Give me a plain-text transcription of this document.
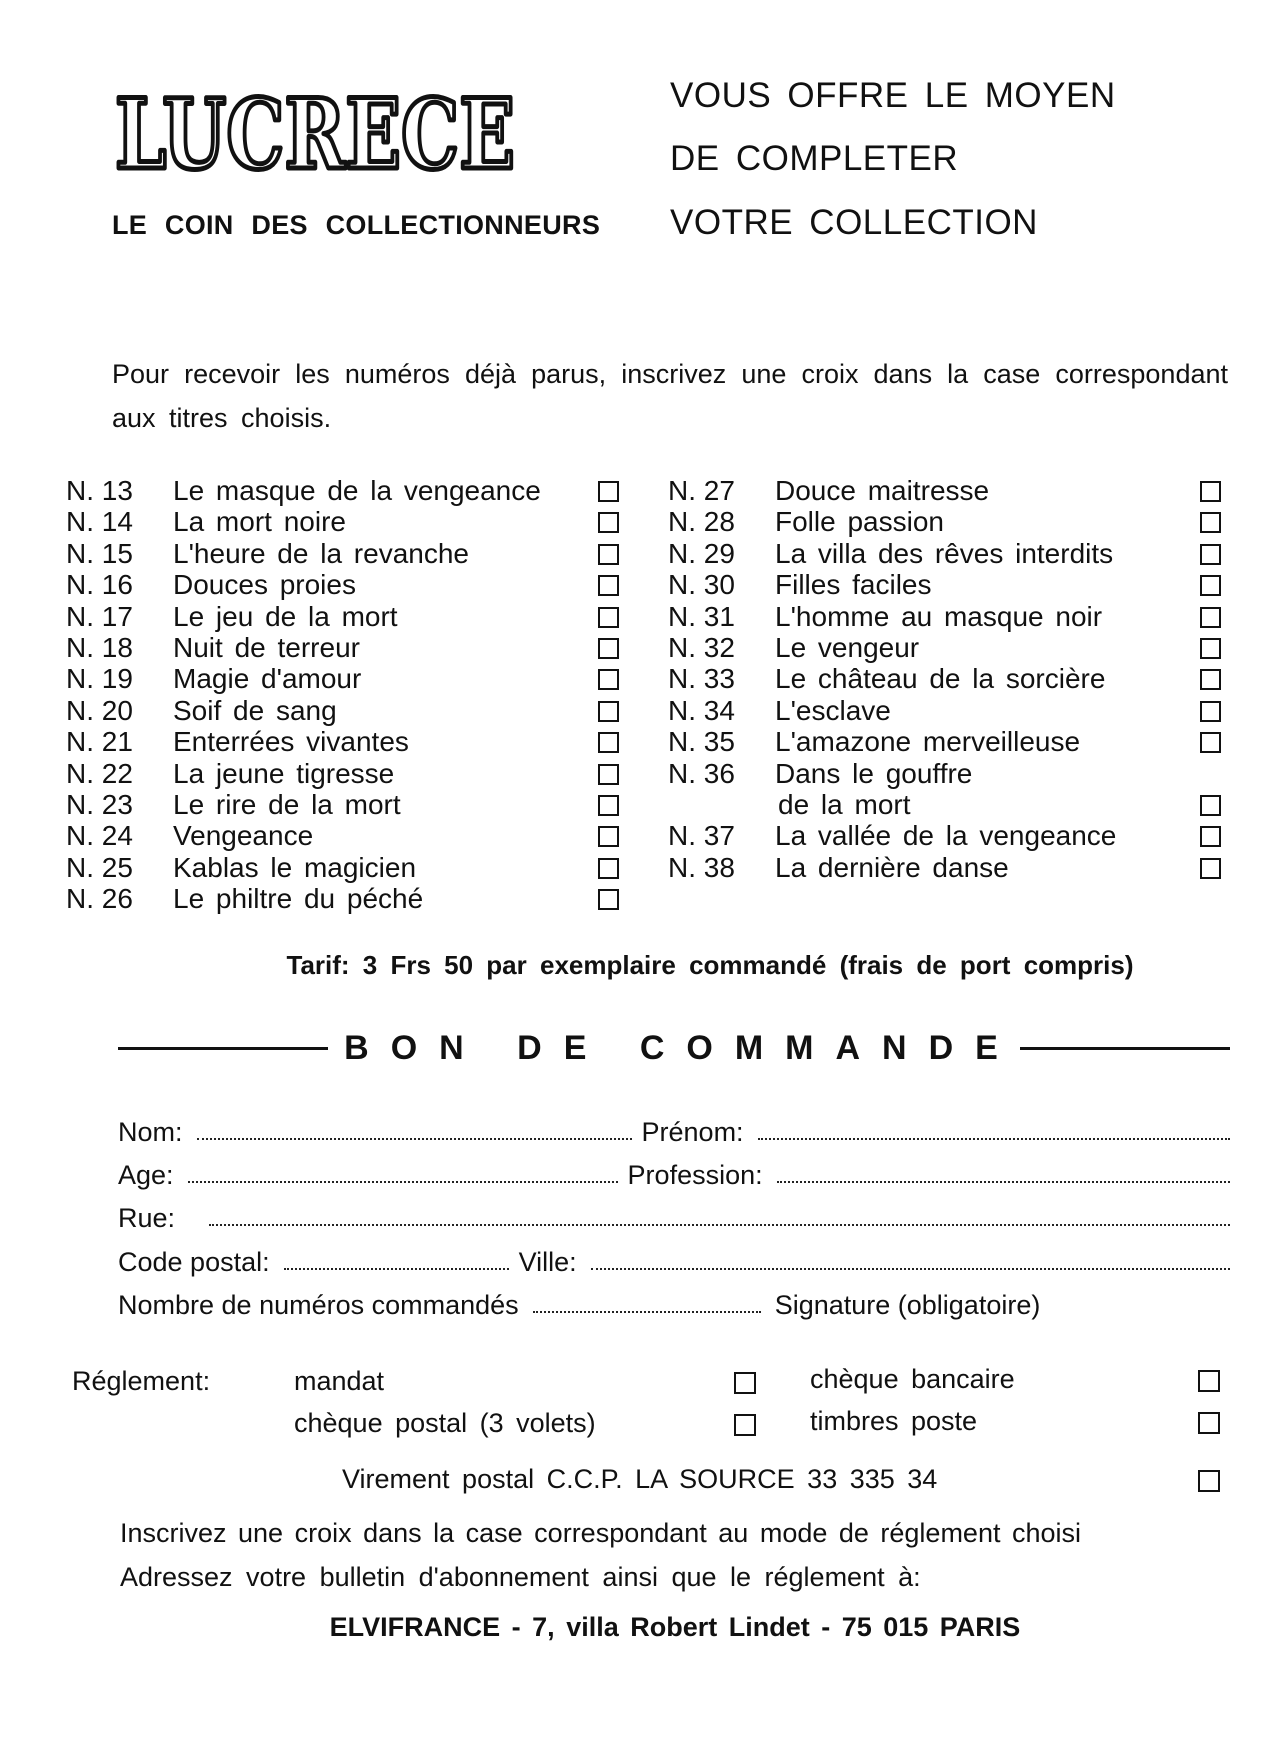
LUCRECE
LE COIN DES COLLECTIONNEURS
VOUS OFFRE LE MOYEN
DE COMPLETER
VOTRE COLLECTION
Pour recevoir les numéros déjà parus, inscrivez une croix dans la case correspondant aux titres choisis.
N. 13 Le masque de la vengeance
N. 14 La mort noire
N. 15 L'heure de la revanche
N. 16 Douces proies
N. 17 Le jeu de la mort
N. 18 Nuit de terreur
N. 19 Magie d'amour
N. 20 Soif de sang
N. 21 Enterrées vivantes
N. 22 La jeune tigresse
N. 23 Le rire de la mort
N. 24 Vengeance
N. 25 Kablas le magicien
N. 26 Le philtre du péché
N. 27 Douce maitresse
N. 28 Folle passion
N. 29 La villa des rêves interdits
N. 30 Filles faciles
N. 31 L'homme au masque noir
N. 32 Le vengeur
N. 33 Le château de la sorcière
N. 34 L'esclave
N. 35 L'amazone merveilleuse
N. 36 Dans le gouffre
de la mort
N. 37 La vallée de la vengeance
N. 38 La dernière danse
Tarif: 3 Frs 50 par exemplaire commandé (frais de port compris)
BON DE COMMANDE
Nom:	Prénom:
Age:	Profession:
Rue:
Code postal:	Ville:
Nombre de numéros commandés	Signature (obligatoire)
Réglement:	mandat	chèque bancaire
chèque postal (3 volets)	timbres poste
Virement postal C.C.P. LA SOURCE 33 335 34
Inscrivez une croix dans la case correspondant au mode de réglement choisi
Adressez votre bulletin d'abonnement ainsi que le réglement à:
ELVIFRANCE - 7, villa Robert Lindet - 75 015 PARIS
